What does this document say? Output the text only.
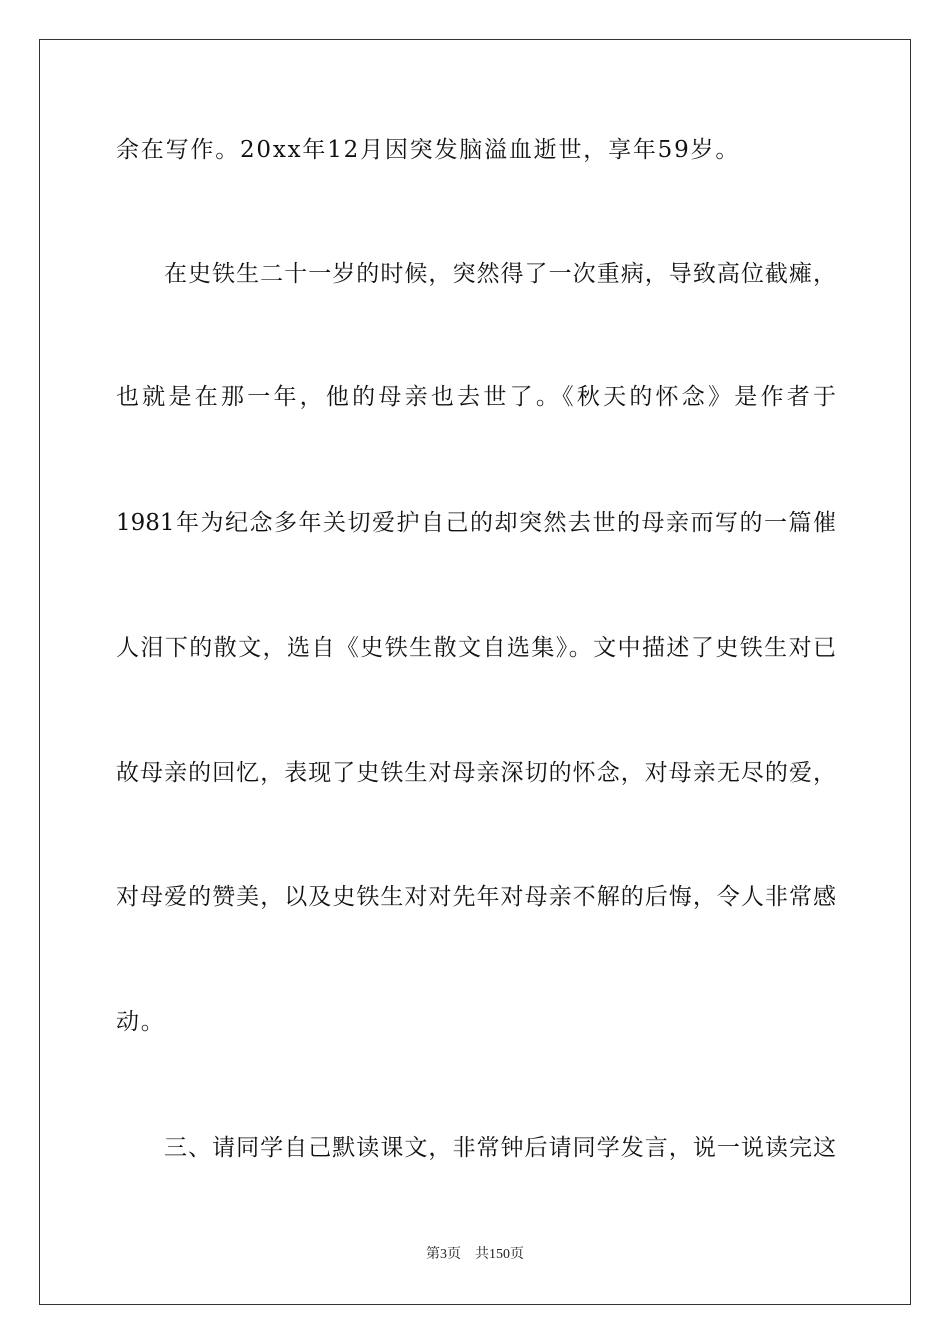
余在写作。20xx年12月因突发脑溢血逝世，享年59岁。

在史铁生二十一岁的时候，突然得了一次重病，导致高位截瘫，

也就是在那一年，他的母亲也去世了。《秋天的怀念》是作者于

1981年为纪念多年关切爱护自己的却突然去世的母亲而写的一篇催

人泪下的散文，选自《史铁生散文自选集》。文中描述了史铁生对已

故母亲的回忆，表现了史铁生对母亲深切的怀念，对母亲无尽的爱，

对母爱的赞美，以及史铁生对对先年对母亲不解的后悔，令人非常感

动。

三、请同学自己默读课文，非常钟后请同学发言，说一说读完这

第3页 共150页
